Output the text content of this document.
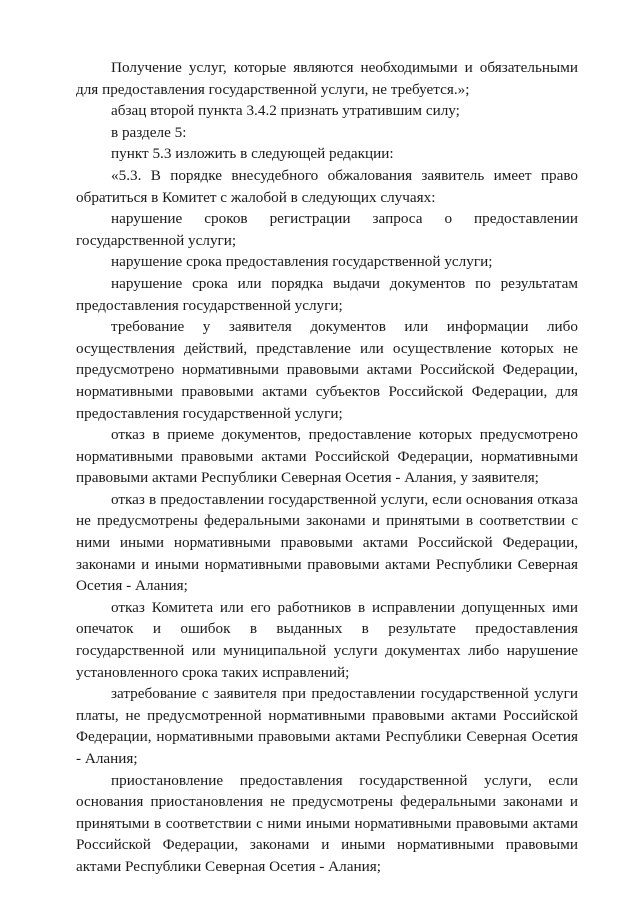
Получение услуг, которые являются необходимыми и обязательными для предоставления государственной услуги, не требуется.»;

абзац второй пункта 3.4.2 признать утратившим силу;

в разделе 5:

пункт 5.3 изложить в следующей редакции:

«5.3. В порядке внесудебного обжалования заявитель имеет право обратиться в Комитет с жалобой в следующих случаях:

нарушение сроков регистрации запроса о предоставлении государственной услуги;

нарушение срока предоставления государственной услуги;

нарушение срока или порядка выдачи документов по результатам предоставления государственной услуги;

требование у заявителя документов или информации либо осуществления действий, представление или осуществление которых не предусмотрено нормативными правовыми актами Российской Федерации, нормативными правовыми актами субъектов Российской Федерации, для предоставления государственной услуги;

отказ в приеме документов, предоставление которых предусмотрено нормативными правовыми актами Российской Федерации, нормативными правовыми актами Республики Северная Осетия - Алания, у заявителя;

отказ в предоставлении государственной услуги, если основания отказа не предусмотрены федеральными законами и принятыми в соответствии с ними иными нормативными правовыми актами Российской Федерации, законами и иными нормативными правовыми актами Республики Северная Осетия - Алания;

отказ Комитета или его работников в исправлении допущенных ими опечаток и ошибок в выданных в результате предоставления государственной или муниципальной услуги документах либо нарушение установленного срока таких исправлений;

затребование с заявителя при предоставлении государственной услуги платы, не предусмотренной нормативными правовыми актами Российской Федерации, нормативными правовыми актами Республики Северная Осетия - Алания;

приостановление предоставления государственной услуги, если основания приостановления не предусмотрены федеральными законами и принятыми в соответствии с ними иными нормативными правовыми актами Российской Федерации, законами и иными нормативными правовыми актами Республики Северная Осетия - Алания;
